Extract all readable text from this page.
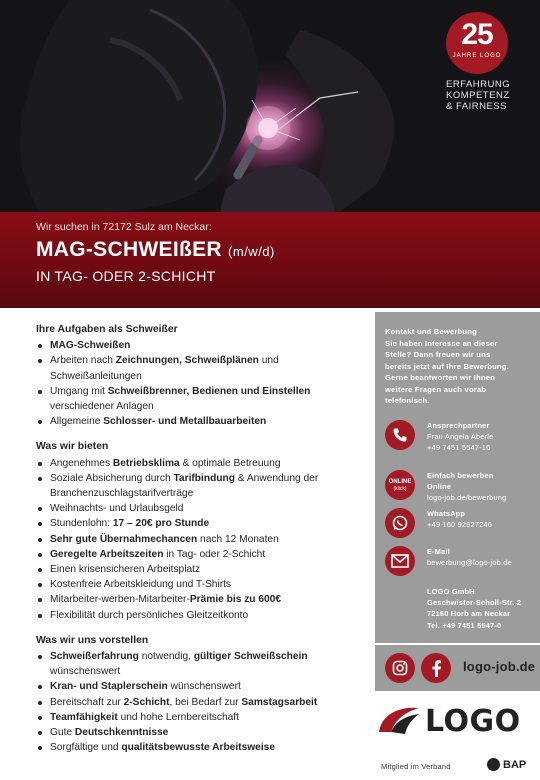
25
JAHRE LOGO
ERFAHRUNG
KOMPETENZ
& FAIRNESS
Wir suchen in 72172 Sulz am Neckar:
MAG-SCHWEIßER (m/w/d)
IN TAG- ODER 2-SCHICHT
Ihre Aufgaben als Schweißer
MAG-Schweißen
Arbeiten nach Zeichnungen, Schweißplänen und Schweißanleitungen
Umgang mit Schweißbrenner, Bedienen und Einstellen verschiedener Anlagen
Allgemeine Schlosser- und Metallbauarbeiten
Was wir bieten
Angenehmes Betriebsklima & optimale Betreuung
Soziale Absicherung durch Tarifbindung & Anwendung der Branchenzuschlagstarifverträge
Weihnachts- und Urlaubsgeld
Stundenlohn: 17 – 20€ pro Stunde
Sehr gute Übernahmechancen nach 12 Monaten
Geregelte Arbeitszeiten in Tag- oder 2-Schicht
Einen krisensicheren Arbeitsplatz
Kostenfreie Arbeitskleidung und T-Shirts
Mitarbeiter-werben-Mitarbeiter-Prämie bis zu 600€
Flexibilität durch persönliches Gleitzeitkonto
Was wir uns vorstellen
Schweißerfahrung notwendig, gültiger Schweißschein wünschenswert
Kran- und Staplerschein wünschenswert
Bereitschaft zur 2-Schicht, bei Bedarf zur Samstagsarbeit
Teamfähigkeit und hohe Lernbereitschaft
Gute Deutschkenntnisse
Sorgfältige und qualitätsbewusste Arbeitsweise
Kontakt und Bewerbung
Sie haben Interesse an dieser
Stelle? Dann freuen wir uns
bereits jetzt auf Ihre Bewerbung.
Gerne beantworten wir Ihnen
weitere Fragen auch vorab
telefonisch.
Ansprechpartner
Frau Angela Aberle
+49 7451 5547-16
ONLINE
(klick)
Einfach bewerben
Online
logo-job.de/bewerbung
WhatsApp
+49 160 92927246
E-Mail
bewerbung@logo-job.de
LOGO GmbH
Geschwister-Scholl-Str. 2
72160 Horb am Neckar
Tel. +49 7451 5547-0
logo-job.de
LOGO
Mitglied im Verband	BAP
